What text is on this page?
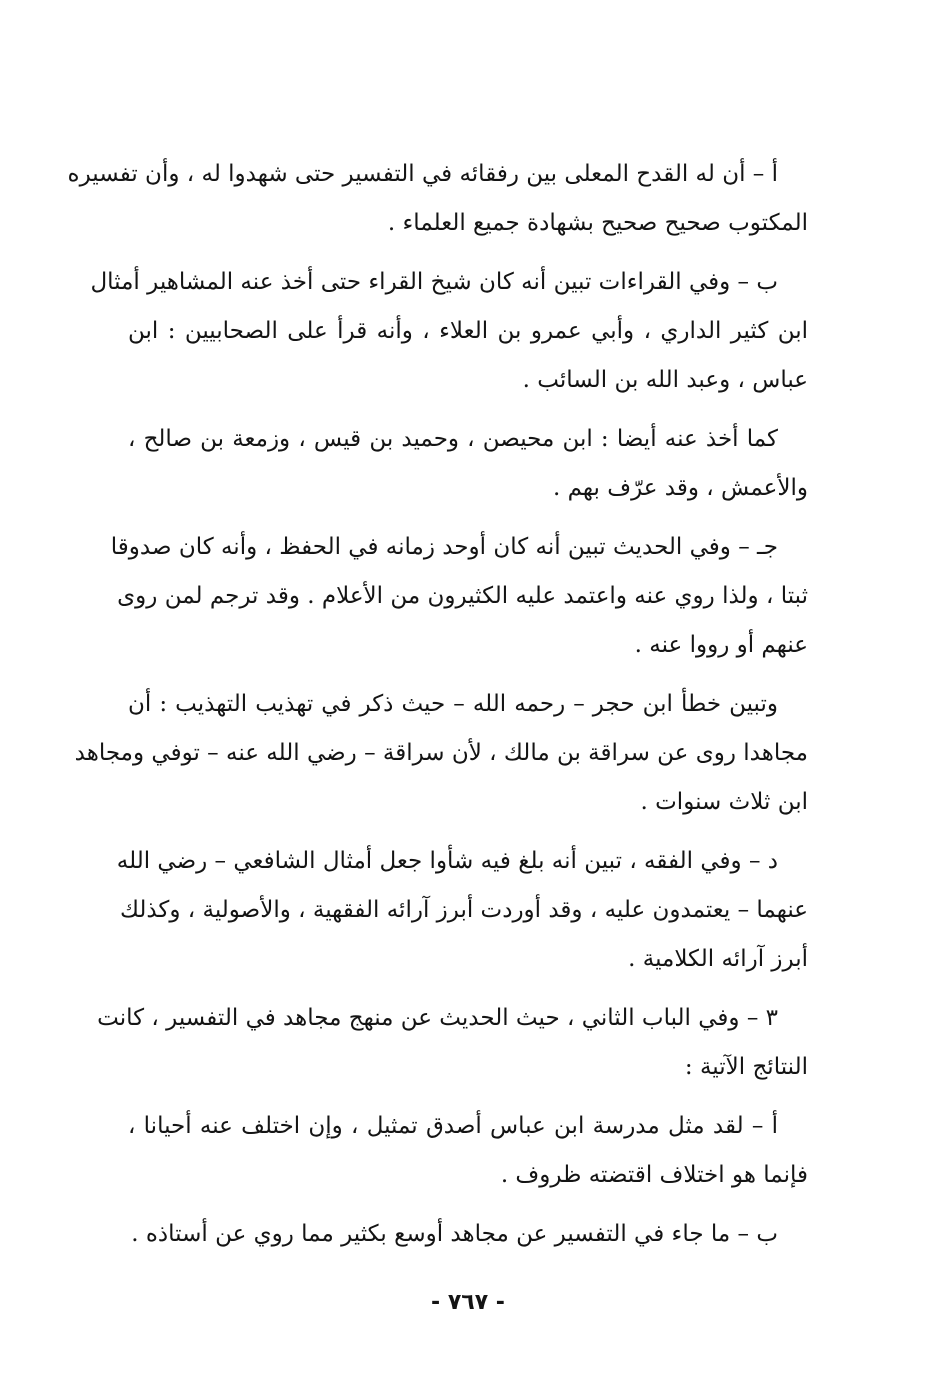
أ – أن له القدح المعلى بين رفقائه في التفسير حتى شهدوا له ، وأن تفسيره
المكتوب صحيح صحيح بشهادة جميع العلماء .

ب – وفي القراءات تبين أنه كان شيخ القراء حتى أخذ عنه المشاهير أمثال
ابن كثير الداري ، وأبي عمرو بن العلاء ، وأنه قرأ على الصحابيين : ابن
عباس ، وعبد الله بن السائب .

كما أخذ عنه أيضا : ابن محيصن ، وحميد بن قيس ، وزمعة بن صالح ،
والأعمش ، وقد عرّف بهم .

جـ – وفي الحديث تبين أنه كان أوحد زمانه في الحفظ ، وأنه كان صدوقا
ثبتا ، ولذا روي عنه واعتمد عليه الكثيرون من الأعلام . وقد ترجم لمن روى
عنهم أو رووا عنه .

وتبين خطأ ابن حجر – رحمه الله – حيث ذكر في تهذيب التهذيب : أن
مجاهدا روى عن سراقة بن مالك ، لأن سراقة – رضي الله عنه – توفي ومجاهد
ابن ثلاث سنوات .

د – وفي الفقه ، تبين أنه بلغ فيه شأوا جعل أمثال الشافعي – رضي الله
عنهما – يعتمدون عليه ، وقد أوردت أبرز آرائه الفقهية ، والأصولية ، وكذلك
أبرز آرائه الكلامية .

٣ – وفي الباب الثاني ، حيث الحديث عن منهج مجاهد في التفسير ، كانت
النتائج الآتية :

أ – لقد مثل مدرسة ابن عباس أصدق تمثيل ، وإن اختلف عنه أحيانا ،
فإنما هو اختلاف اقتضته ظروف .

ب – ما جاء في التفسير عن مجاهد أوسع بكثير مما روي عن أستاذه .

- ٧٦٧ -
